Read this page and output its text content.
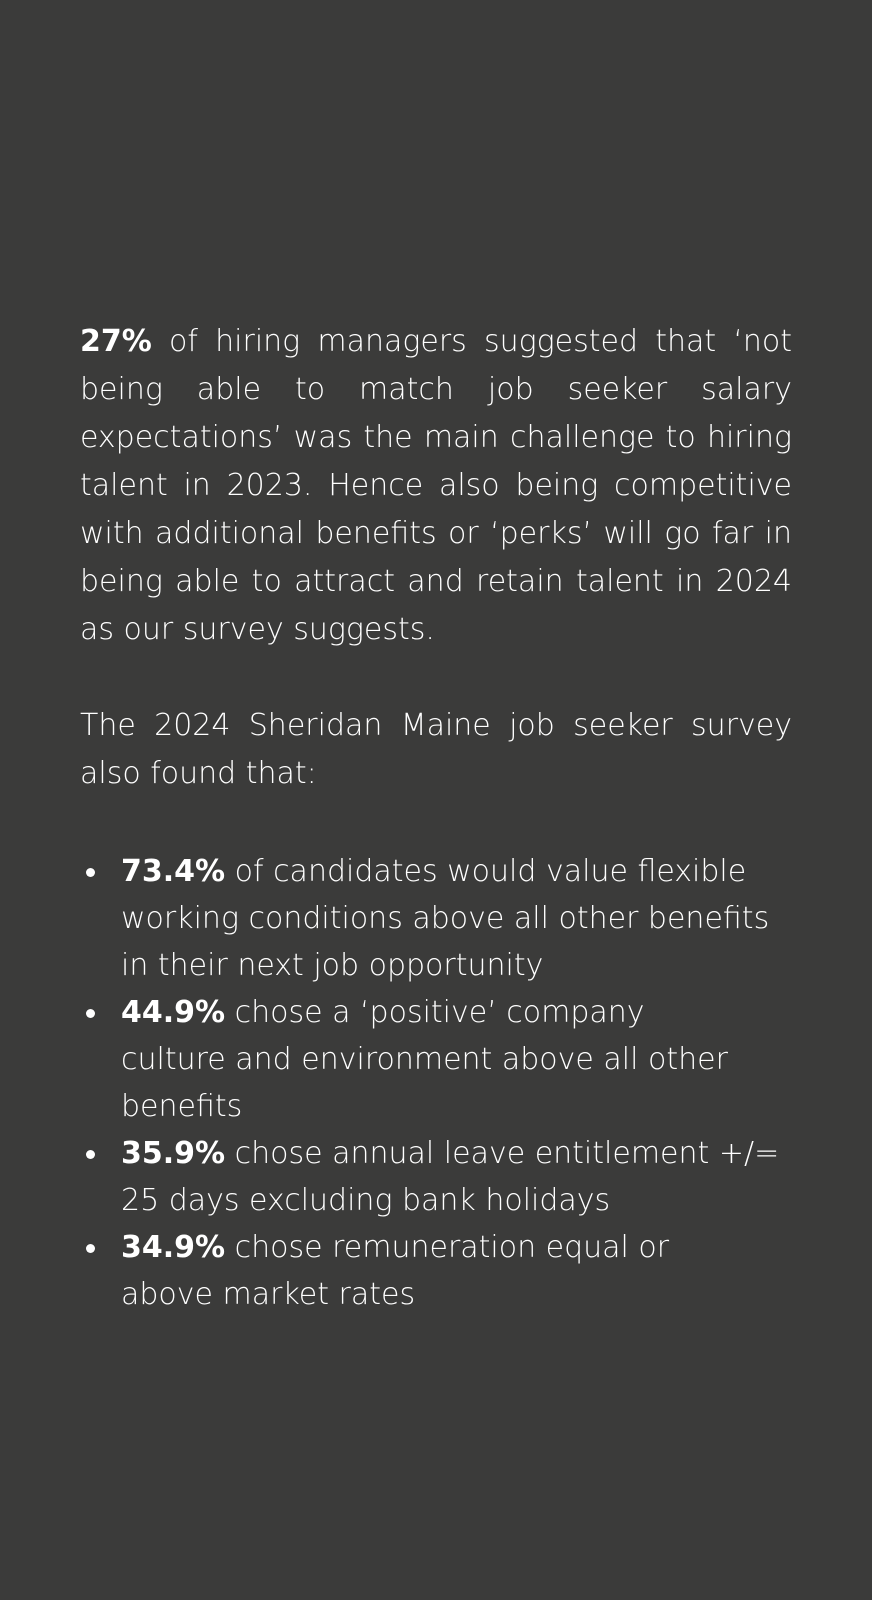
27% of hiring managers suggested that ‘not being able to match job seeker salary expectations’ was the main challenge to hiring talent in 2023. Hence also being competitive with additional benefits or ‘perks’ will go far in being able to attract and retain talent in 2024 as our survey suggests.

The 2024 Sheridan Maine job seeker survey also found that:

73.4% of candidates would value flexible working conditions above all other benefits in their next job opportunity
44.9% chose a ‘positive’ company culture and environment above all other benefits
35.9% chose annual leave entitlement +/= 25 days excluding bank holidays
34.9% chose remuneration equal or above market rates
